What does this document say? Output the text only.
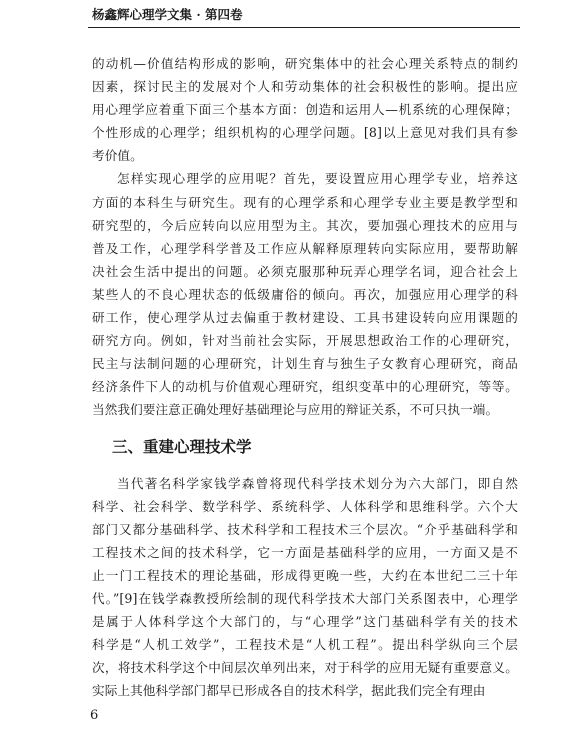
杨鑫辉心理学文集 · 第四卷

的动机—价值结构形成的影响，研究集体中的社会心理关系特点的制约
因素，探讨民主的发展对个人和劳动集体的社会积极性的影响。提出应
用心理学应着重下面三个基本方面：创造和运用人—机系统的心理保障；
个性形成的心理学；组织机构的心理学问题。[8]以上意见对我们具有参
考价值。

怎样实现心理学的应用呢？首先，要设置应用心理学专业，培养这
方面的本科生与研究生。现有的心理学系和心理学专业主要是教学型和
研究型的，今后应转向以应用型为主。其次，要加强心理技术的应用与
普及工作，心理学科学普及工作应从解释原理转向实际应用，要帮助解
决社会生活中提出的问题。必须克服那种玩弄心理学名词，迎合社会上
某些人的不良心理状态的低级庸俗的倾向。再次，加强应用心理学的科
研工作，使心理学从过去偏重于教材建设、工具书建设转向应用课题的
研究方向。例如，针对当前社会实际，开展思想政治工作的心理研究，
民主与法制问题的心理研究，计划生育与独生子女教育心理研究，商品
经济条件下人的动机与价值观心理研究，组织变革中的心理研究，等等。
当然我们要注意正确处理好基础理论与应用的辩证关系，不可只执一端。

三、重建心理技术学

当代著名科学家钱学森曾将现代科学技术划分为六大部门，即自然
科学、社会科学、数学科学、系统科学、人体科学和思维科学。六个大
部门又都分基础科学、技术科学和工程技术三个层次。“介乎基础科学和
工程技术之间的技术科学，它一方面是基础科学的应用，一方面又是不
止一门工程技术的理论基础，形成得更晚一些，大约在本世纪二三十年
代。”[9]在钱学森教授所绘制的现代科学技术大部门关系图表中，心理学
是属于人体科学这个大部门的，与“心理学”这门基础科学有关的技术
科学是“人机工效学”，工程技术是“人机工程”。提出科学纵向三个层
次，将技术科学这个中间层次单列出来，对于科学的应用无疑有重要意义。
实际上其他科学部门都早已形成各自的技术科学，据此我们完全有理由

6
